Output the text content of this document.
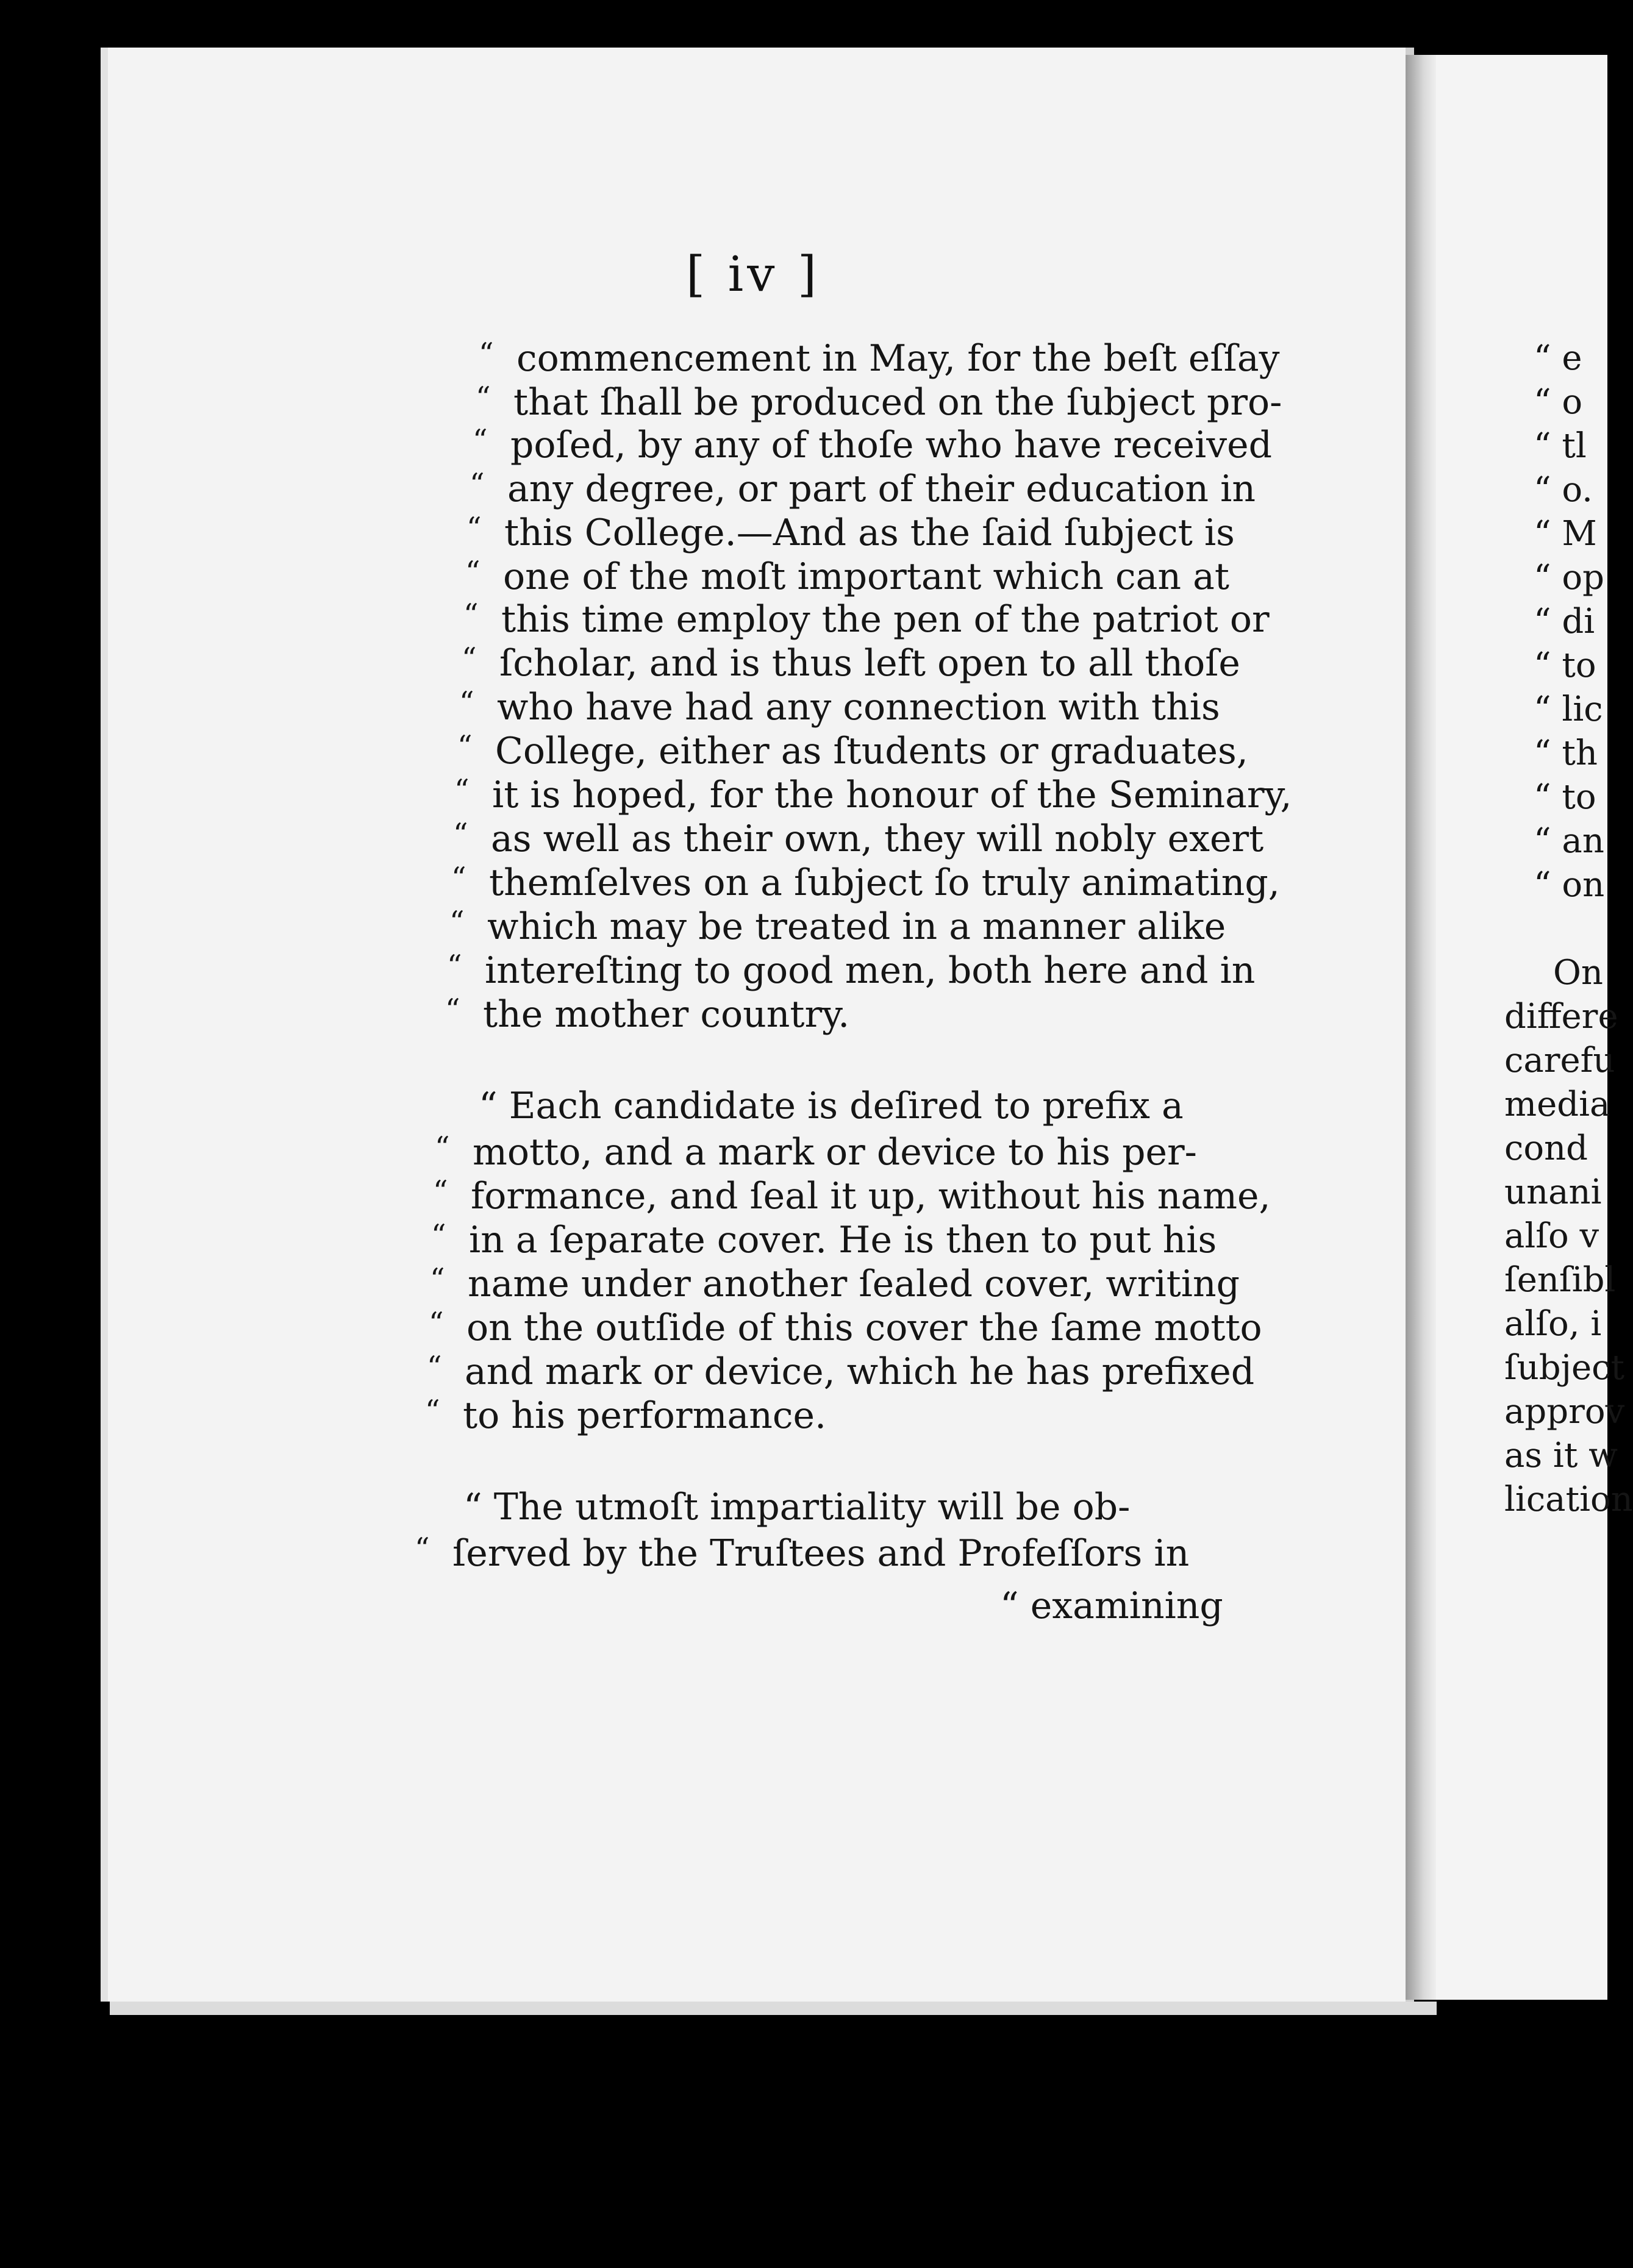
[ iv ]
“ commencement in May, for the beſt eſſay
“ that ſhall be produced on the ſubject pro-
“ poſed, by any of thoſe who have received
“ any degree, or part of their education in
“ this College.—And as the ſaid ſubject is
“ one of the moſt important which can at
“ this time employ the pen of the patriot or
“ ſcholar, and is thus left open to all thoſe
“ who have had any connection with this
“ College, either as ſtudents or graduates,
“ it is hoped, for the honour of the Seminary,
“ as well as their own, they will nobly exert
“ themſelves on a ſubject ſo truly animating,
“ which may be treated in a manner alike
“ intereſting to good men, both here and in
“ the mother country.
“ Each candidate is deſired to prefix a
“ motto, and a mark or device to his per-
“ formance, and ſeal it up, without his name,
“ in a ſeparate cover. He is then to put his
“ name under another ſealed cover, writing
“ on the outſide of this cover the ſame motto
“ and mark or device, which he has prefixed
“ to his performance.
“ The utmoſt impartiality will be ob-
“ ſerved by the Truſtees and Profeſſors in
“ examining
“ e
“ o
“ tl
“ o.
“ M
“ op
“ di
“ to
“ lic
“ th
“ to
“ an
“ on
On
differe
carefu
media
cond
unani
alſo v
ſenſibl
alſo, i
ſubject
approv
as it w
lication
